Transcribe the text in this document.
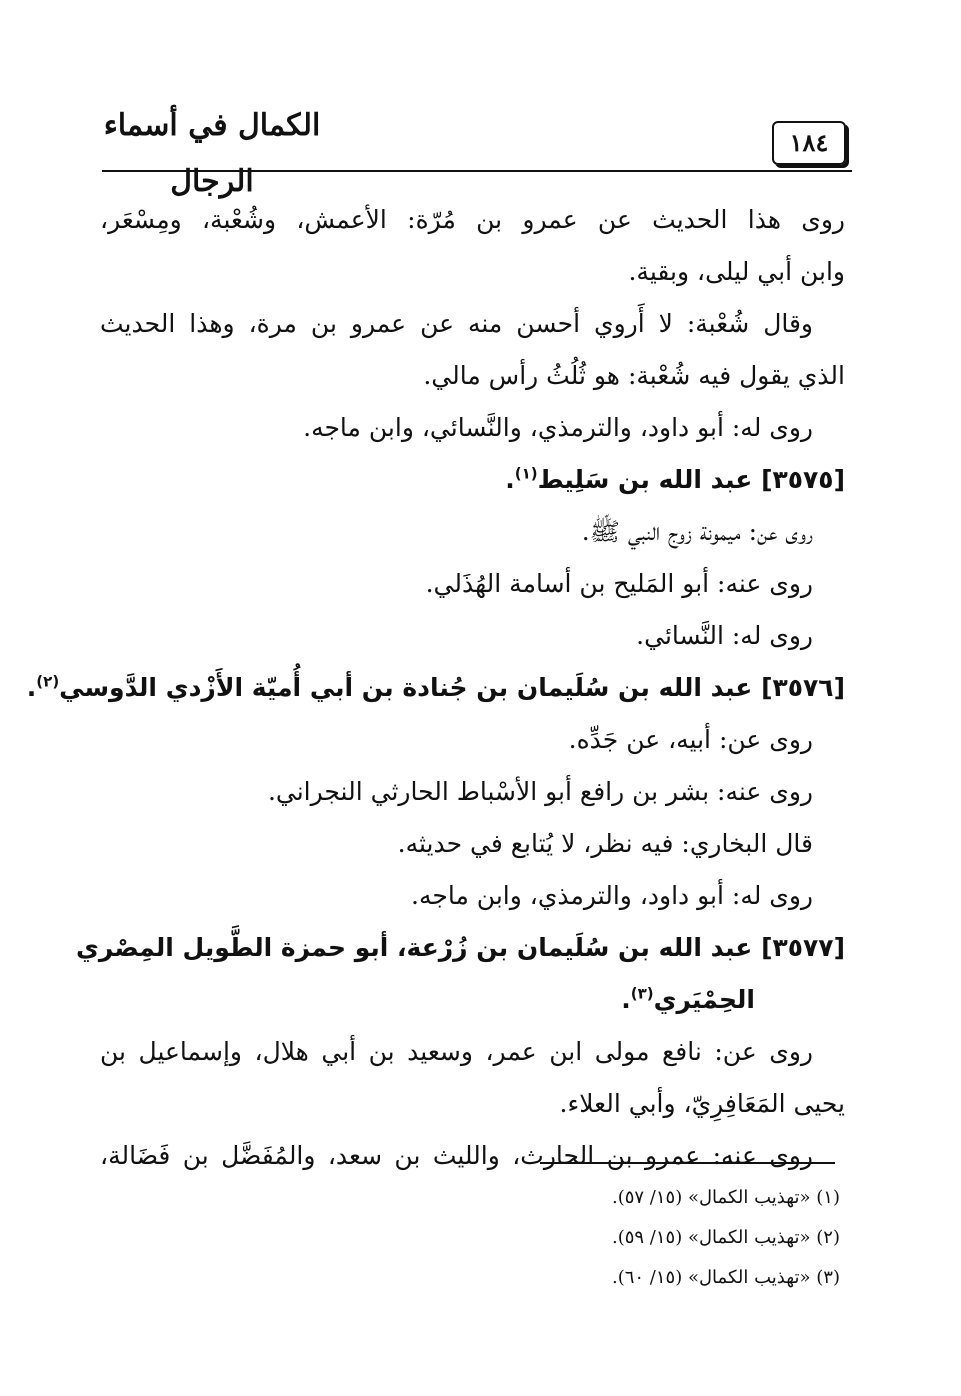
الكمال في أسماء الرجال
١٨٤
روى هذا الحديث عن عمرو بن مُرّة: الأعمش، وشُعْبة، ومِسْعَر،
وابن أبي ليلى، وبقية.
وقال شُعْبة: لا أَروي أحسن منه عن عمرو بن مرة، وهذا الحديث
الذي يقول فيه شُعْبة: هو ثُلُثُ رأس مالي.
روى له: أبو داود، والترمذي، والنَّسائي، وابن ماجه.
[٣٥٧٥] عبد الله بن سَلِيط$^{(١)}$.
روى عن: ميمونة زوج النبي ﷺ.
روى عنه: أبو المَليح بن أسامة الهُذَلي.
روى له: النَّسائي.
[٣٥٧٦] عبد الله بن سُلَيمان بن جُنادة بن أبي أُميّة الأَزْدي الدَّوسي$^{(٢)}$.
روى عن: أبيه، عن جَدِّه.
روى عنه: بشر بن رافع أبو الأسْباط الحارثي النجراني.
قال البخاري: فيه نظر، لا يُتابع في حديثه.
روى له: أبو داود، والترمذي، وابن ماجه.
[٣٥٧٧] عبد الله بن سُلَيمان بن زُرْعة، أبو حمزة الطَّويل المِصْري
الحِمْيَري$^{(٣)}$.
روى عن: نافع مولى ابن عمر، وسعيد بن أبي هلال، وإسماعيل بن
يحيى المَعَافِرِيّ، وأبي العلاء.
روى عنه: عمرو بن الحارث، والليث بن سعد، والمُفَضَّل بن فَضَالة،
(١) «تهذيب الكمال» (١٥/ ٥٧).
(٢) «تهذيب الكمال» (١٥/ ٥٩).
(٣) «تهذيب الكمال» (١٥/ ٦٠).
